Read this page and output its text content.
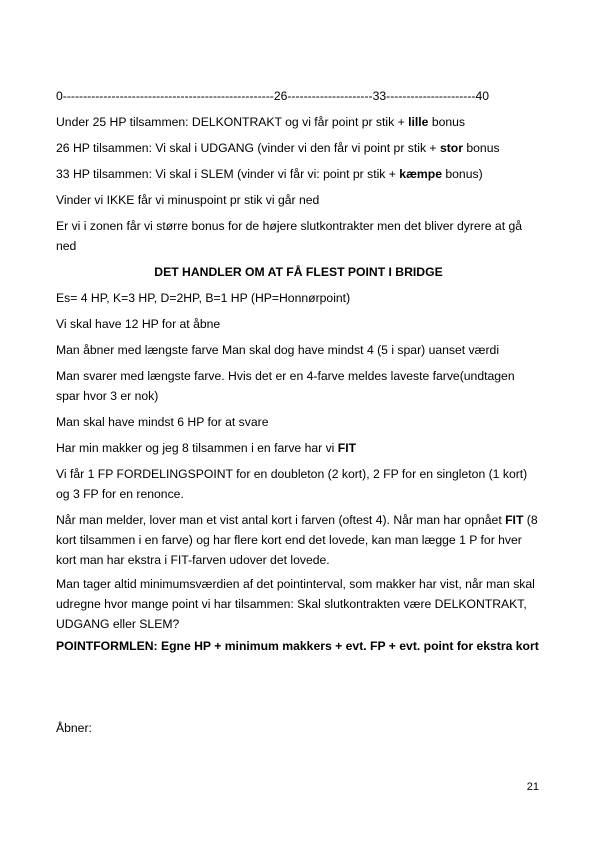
0----------------------------------------------------26---------------------33----------------------40
Under 25 HP tilsammen: DELKONTRAKT og vi får point pr stik + lille bonus
26 HP tilsammen: Vi skal i UDGANG (vinder vi den får vi point pr stik + stor bonus
33 HP tilsammen: Vi skal i SLEM (vinder vi får vi: point pr stik + kæmpe bonus)
Vinder vi IKKE får vi minuspoint pr stik vi går ned
Er vi i zonen får vi større bonus for de højere slutkontrakter men det bliver dyrere at gå ned
DET HANDLER OM AT FÅ FLEST POINT I BRIDGE
Es= 4 HP, K=3 HP, D=2HP, B=1 HP (HP=Honnørpoint)
Vi skal have 12 HP for at åbne
Man åbner med længste farve Man skal dog have mindst 4 (5 i spar) uanset værdi
Man svarer med længste farve. Hvis det er en 4-farve meldes laveste farve(undtagen spar hvor 3 er nok)
Man skal have mindst 6 HP for at svare
Har min makker og jeg 8 tilsammen i en farve har vi FIT
Vi får 1 FP FORDELINGSPOINT for en doubleton (2 kort), 2 FP for en singleton (1 kort) og 3 FP for en renonce.
Når man melder, lover man et vist antal kort i farven (oftest 4). Når man har opnået FIT (8 kort tilsammen i en farve) og har flere kort end det lovede, kan man lægge 1 P for hver kort man har ekstra i FIT-farven udover det lovede.
Man tager altid minimumsværdien af det pointinterval, som makker har vist, når man skal udregne hvor mange point vi har tilsammen: Skal slutkontrakten være DELKONTRAKT, UDGANG eller SLEM?
POINTFORMLEN: Egne HP + minimum makkers + evt. FP + evt. point for ekstra kort
Åbner:
21
